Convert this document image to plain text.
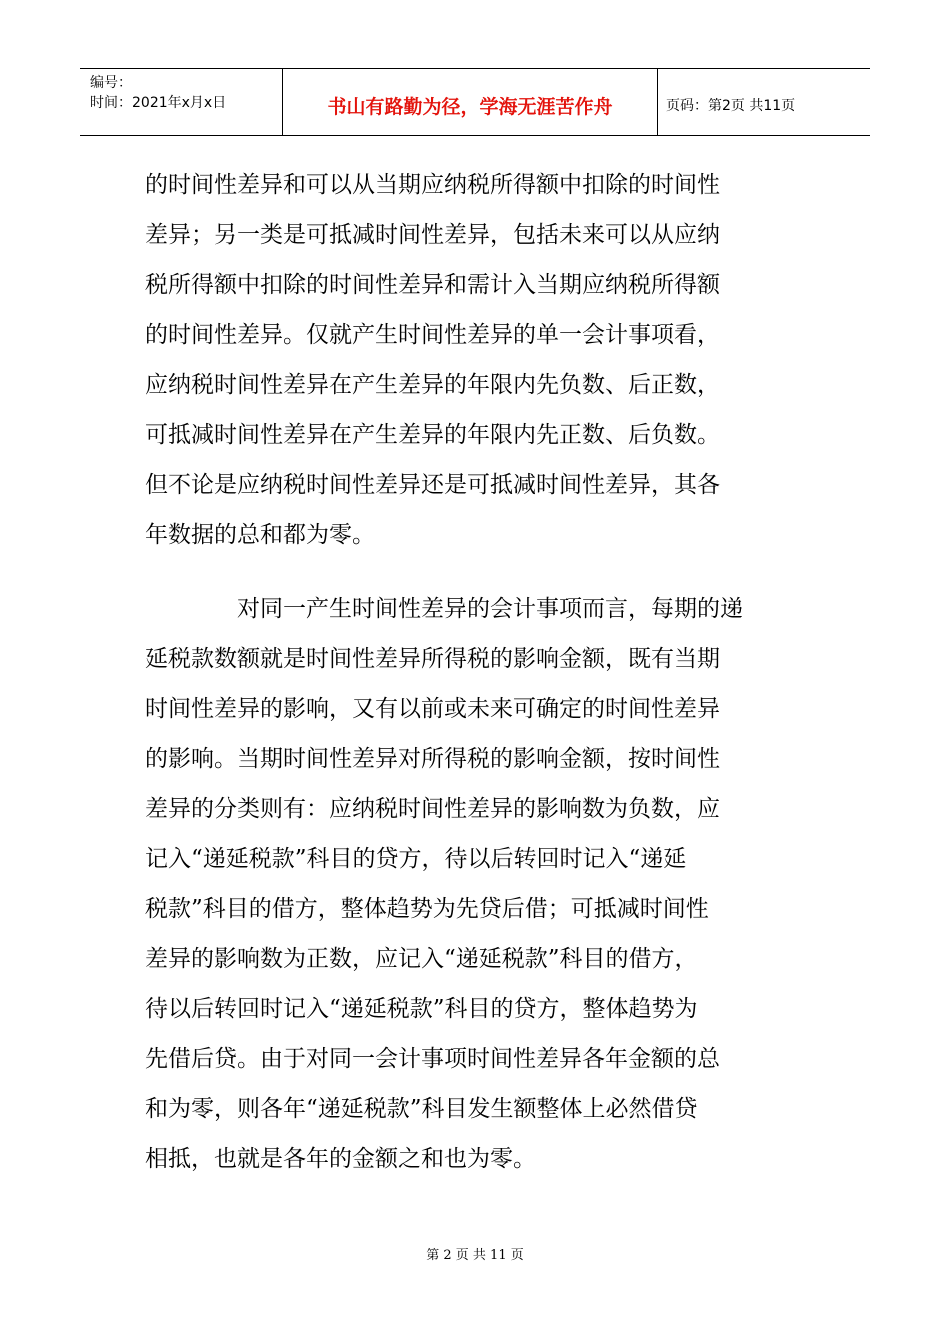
编号：
时间：2021年x月x日	书山有路勤为径，学海无涯苦作舟	页码：第2页 共11页
的时间性差异和可以从当期应纳税所得额中扣除的时间性
差异；另一类是可抵减时间性差异，包括未来可以从应纳
税所得额中扣除的时间性差异和需计入当期应纳税所得额
的时间性差异。仅就产生时间性差异的单一会计事项看，
应纳税时间性差异在产生差异的年限内先负数、后正数，
可抵减时间性差异在产生差异的年限内先正数、后负数。
但不论是应纳税时间性差异还是可抵减时间性差异，其各
年数据的总和都为零。
对同一产生时间性差异的会计事项而言，每期的递
延税款数额就是时间性差异所得税的影响金额，既有当期
时间性差异的影响，又有以前或未来可确定的时间性差异
的影响。当期时间性差异对所得税的影响金额，按时间性
差异的分类则有：应纳税时间性差异的影响数为负数，应
记入“递延税款”科目的贷方，待以后转回时记入“递延
税款”科目的借方，整体趋势为先贷后借；可抵减时间性
差异的影响数为正数，应记入“递延税款”科目的借方，
待以后转回时记入“递延税款”科目的贷方，整体趋势为
先借后贷。由于对同一会计事项时间性差异各年金额的总
和为零，则各年“递延税款”科目发生额整体上必然借贷
相抵，也就是各年的金额之和也为零。
第 2 页 共 11 页
